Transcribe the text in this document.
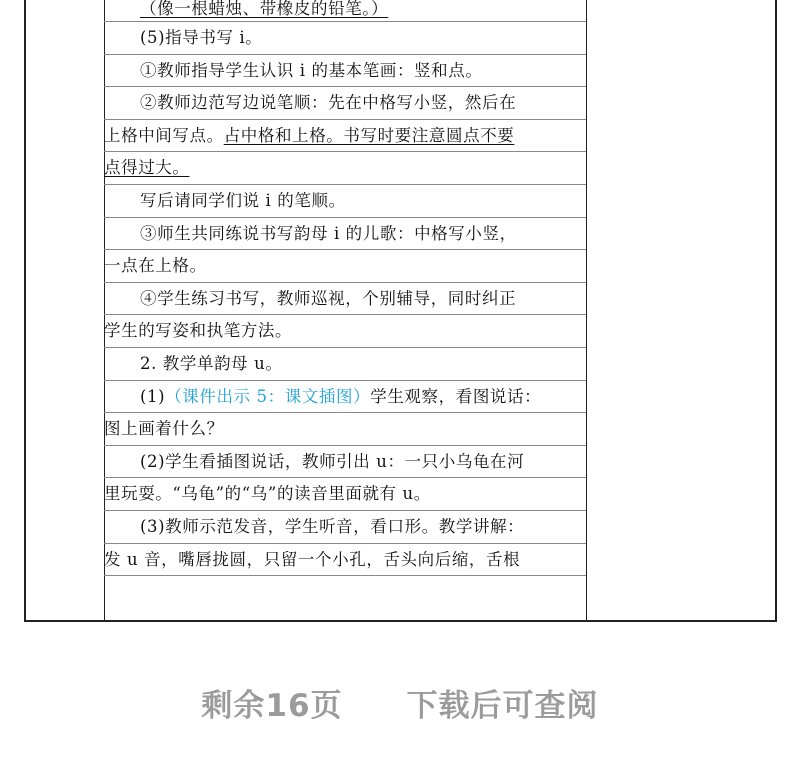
（像一根蜡烛、带橡皮的铅笔。）
(5)指导书写 i。
①教师指导学生认识 i 的基本笔画：竖和点。
②教师边范写边说笔顺：先在中格写小竖，然后在
上格中间写点。占中格和上格。书写时要注意圆点不要
点得过大。
写后请同学们说 i 的笔顺。
③师生共同练说书写韵母 i 的儿歌：中格写小竖，
一点在上格。
④学生练习书写，教师巡视，个别辅导，同时纠正
学生的写姿和执笔方法。
2. 教学单韵母 u。
(1)（课件出示 5：课文插图）学生观察，看图说话：
图上画着什么？
(2)学生看插图说话，教师引出 u：一只小乌龟在河
里玩耍。“乌龟”的“乌”的读音里面就有 u。
(3)教师示范发音，学生听音，看口形。教学讲解：
发 u 音，嘴唇拢圆，只留一个小孔，舌头向后缩，舌根
剩余16页 下载后可查阅
